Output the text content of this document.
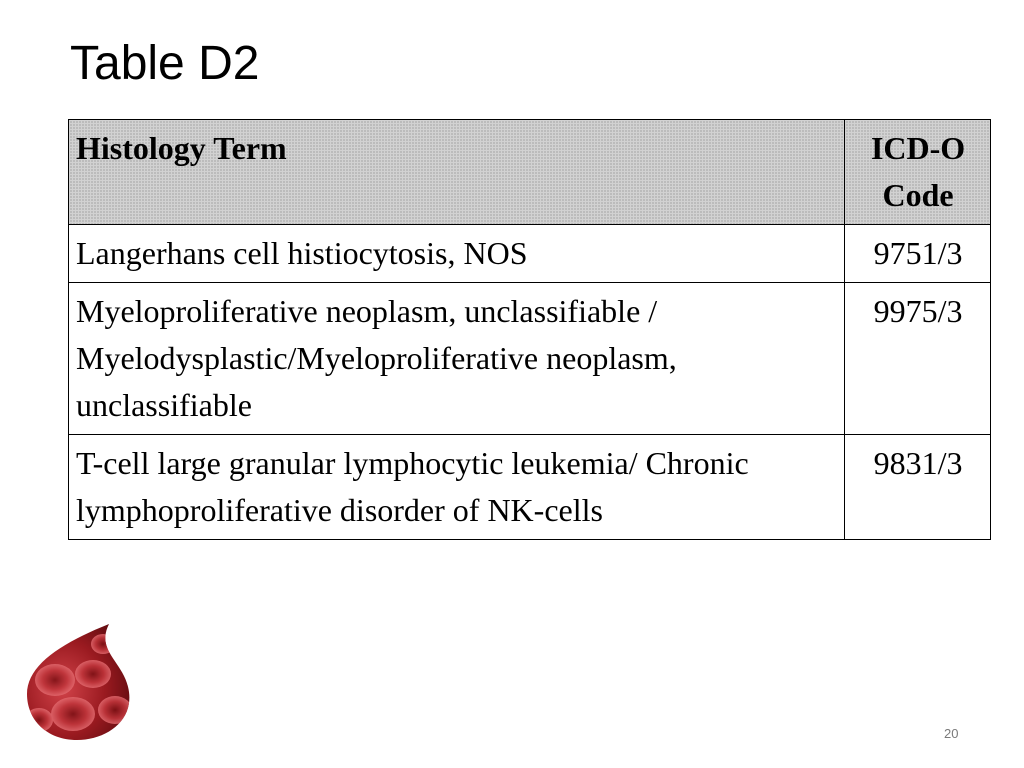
Table D2
Histology Term	ICD-O Code
Langerhans cell histiocytosis, NOS	9751/3
Myeloproliferative neoplasm, unclassifiable / Myelodysplastic/Myeloproliferative neoplasm, unclassifiable	9975/3
T-cell large granular lymphocytic leukemia/ Chronic lymphoproliferative disorder of NK-cells	9831/3
20
